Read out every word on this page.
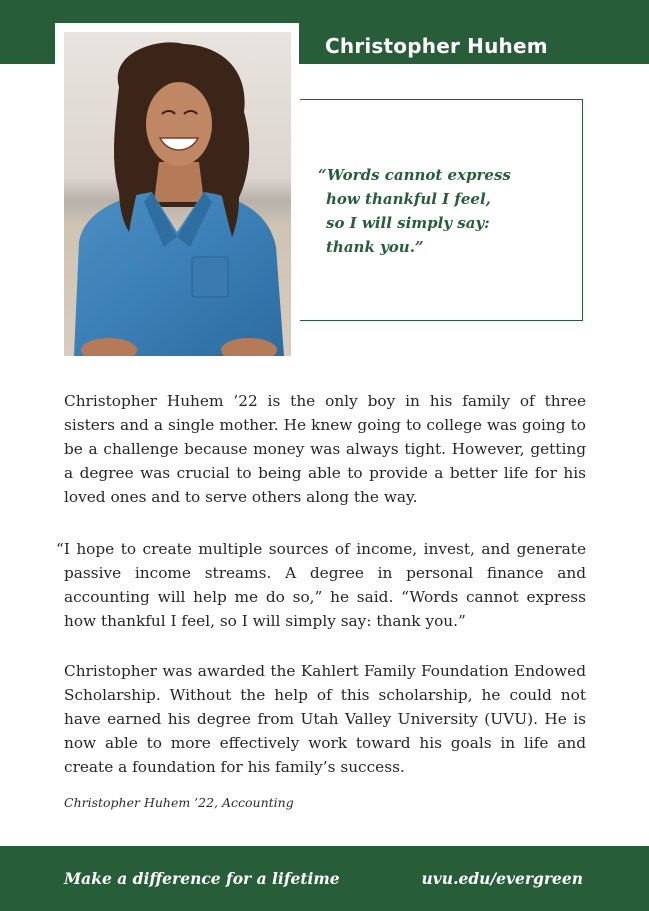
Christopher Huhem
“Words cannot express
how thankful I feel,
so I will simply say:
thank you.”

Christopher Huhem ’22 is the only boy in his family of three sisters and a single mother. He knew going to college was going to be a challenge because money was always tight. However, getting a degree was crucial to being able to provide a better life for his loved ones and to serve others along the way.

“I hope to create multiple sources of income, invest, and generate passive income streams. A degree in personal finance and accounting will help me do so,” he said. “Words cannot express how thankful I feel, so I will simply say: thank you.”

Christopher was awarded the Kahlert Family Foundation Endowed Scholarship. Without the help of this scholarship, he could not have earned his degree from Utah Valley University (UVU). He is now able to more effectively work toward his goals in life and create a foundation for his family’s success.

Christopher Huhem ’22, Accounting
Make a difference for a lifetime	uvu.edu/evergreen
